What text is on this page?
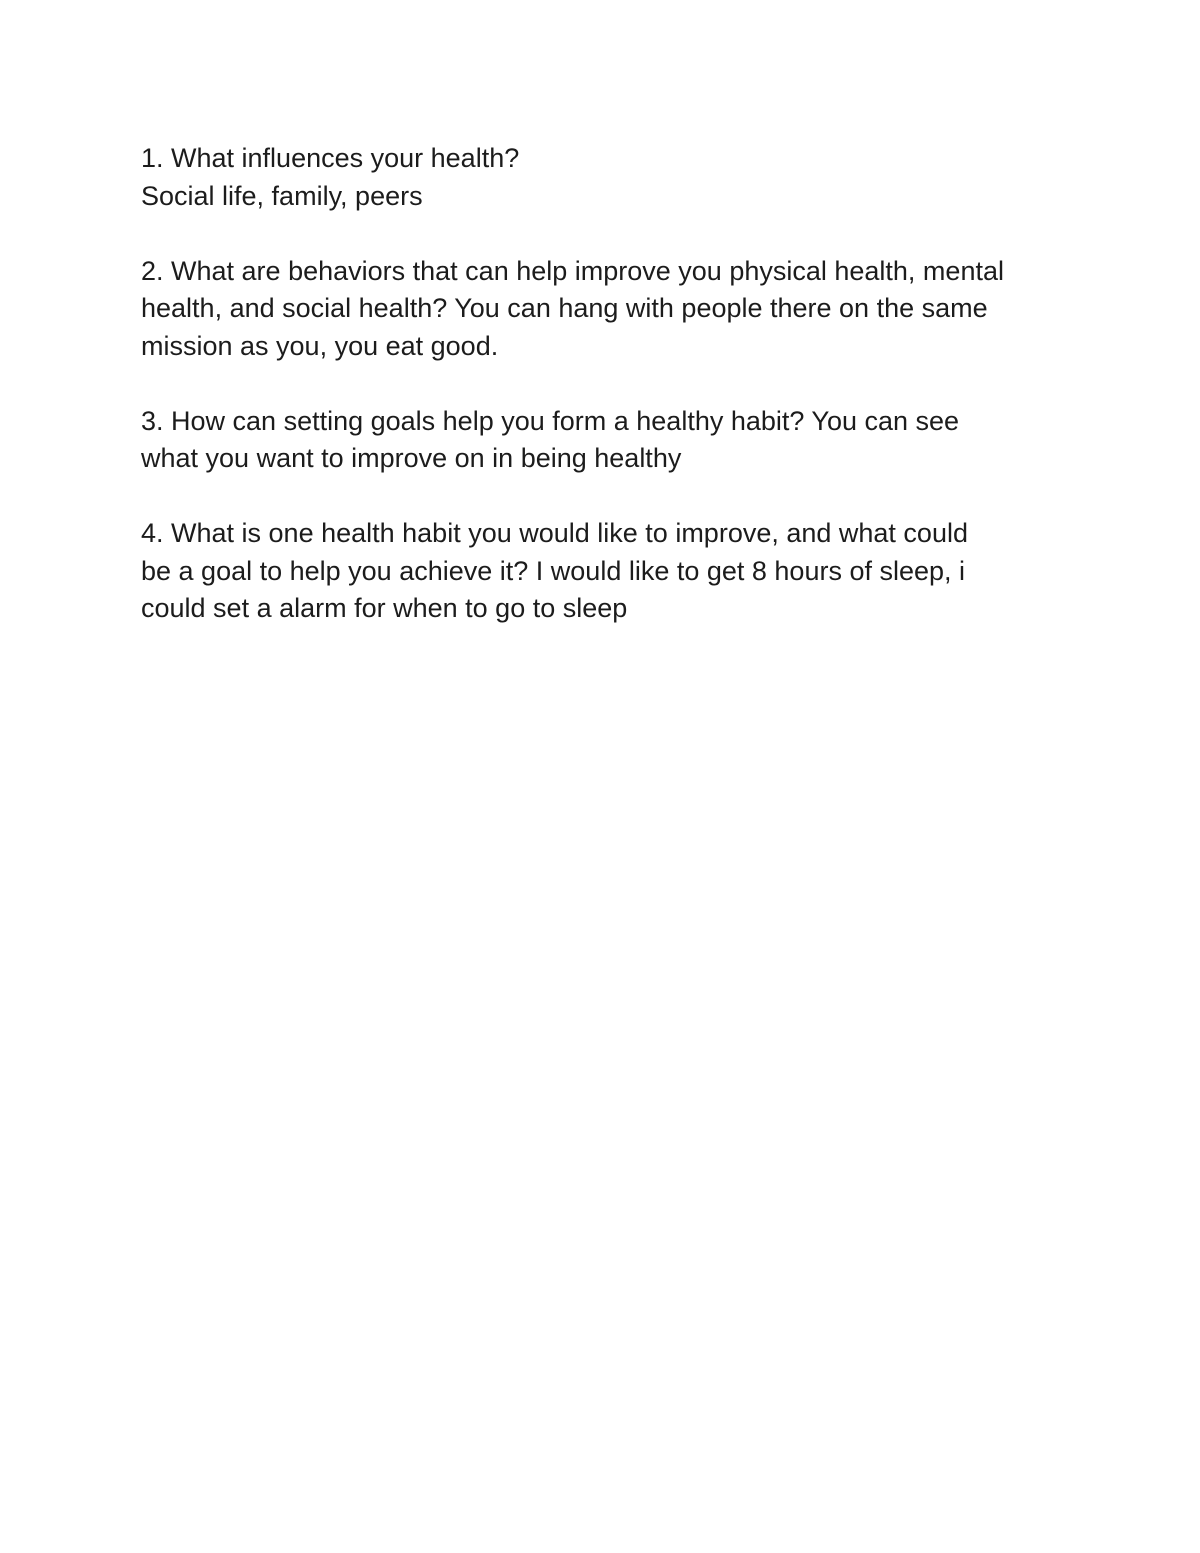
1. What influences your health?
Social life, family, peers
2. What are behaviors that can help improve you physical health, mental
health, and social health? You can hang with people there on the same
mission as you, you eat good.
3. How can setting goals help you form a healthy habit? You can see
what you want to improve on in being healthy
4. What is one health habit you would like to improve, and what could
be a goal to help you achieve it? I would like to get 8 hours of sleep, i
could set a alarm for when to go to sleep
